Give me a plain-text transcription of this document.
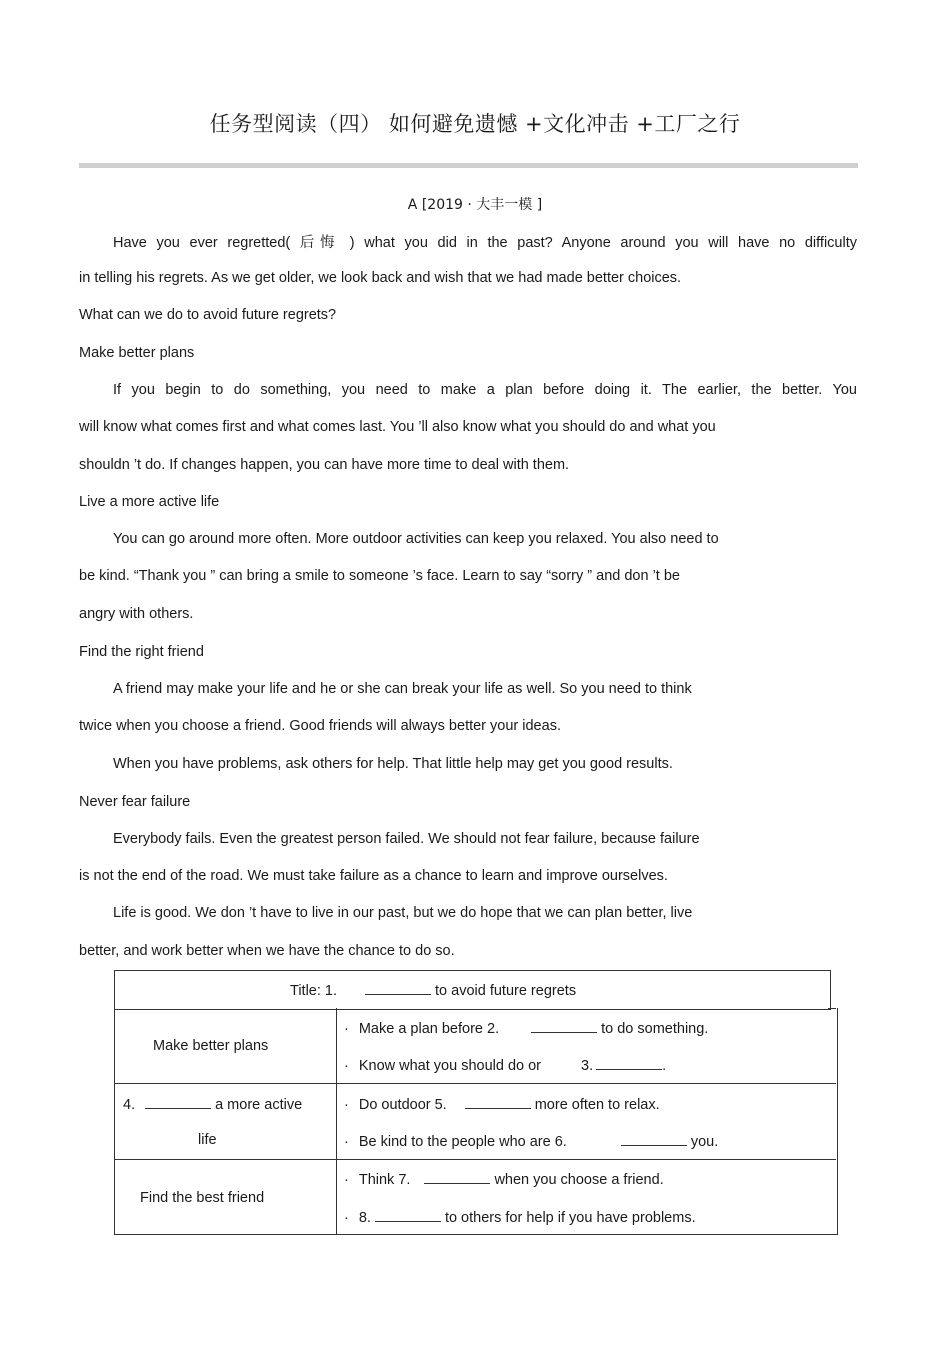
任务型阅读（四） 如何避免遗憾 +文化冲击 +工厂之行
A [2019 · 大丰一模 ]
Have you ever regretted( 后悔 ) what you did in the past? Anyone around you will have no difficulty
in telling his regrets. As we get older, we look back and wish that we had made better choices.
What can we do to avoid future regrets?
Make better plans
If you begin to do something, you need to make a plan before doing it. The earlier, the better. You
will know what comes first and what comes last. You ’ll also know what you should do and what you
shouldn ’t do. If changes happen, you can have more time to deal with them.
Live a more active life
You can go around more often. More outdoor activities can keep you relaxed. You also need to
be kind. “Thank you ” can bring a smile to someone ’s face. Learn to say “sorry ” and don ’t be
angry with others.
Find the right friend
A friend may make your life and he or she can break your life as well. So you need to think
twice when you choose a friend. Good friends will always better your ideas.
When you have problems, ask others for help. That little help may get you good results.
Never fear failure
Everybody fails. Even the greatest person failed. We should not fear failure, because failure
is not the end of the road. We must take failure as a chance to learn and improve ourselves.
Life is good. We don ’t have to live in our past, but we do hope that we can plan better, live
better, and work better when we have the chance to do so.
Title: 1.	to avoid future regrets
Make better plans
· Make a plan before 2.	to do something.
· Know what you should do or	3.	.
4.	a more active
life
· Do outdoor 5.	more often to relax.
· Be kind to the people who are 6.	you.
Find the best friend
· Think 7.	when you choose a friend.
· 8.	to others for help if you have problems.
